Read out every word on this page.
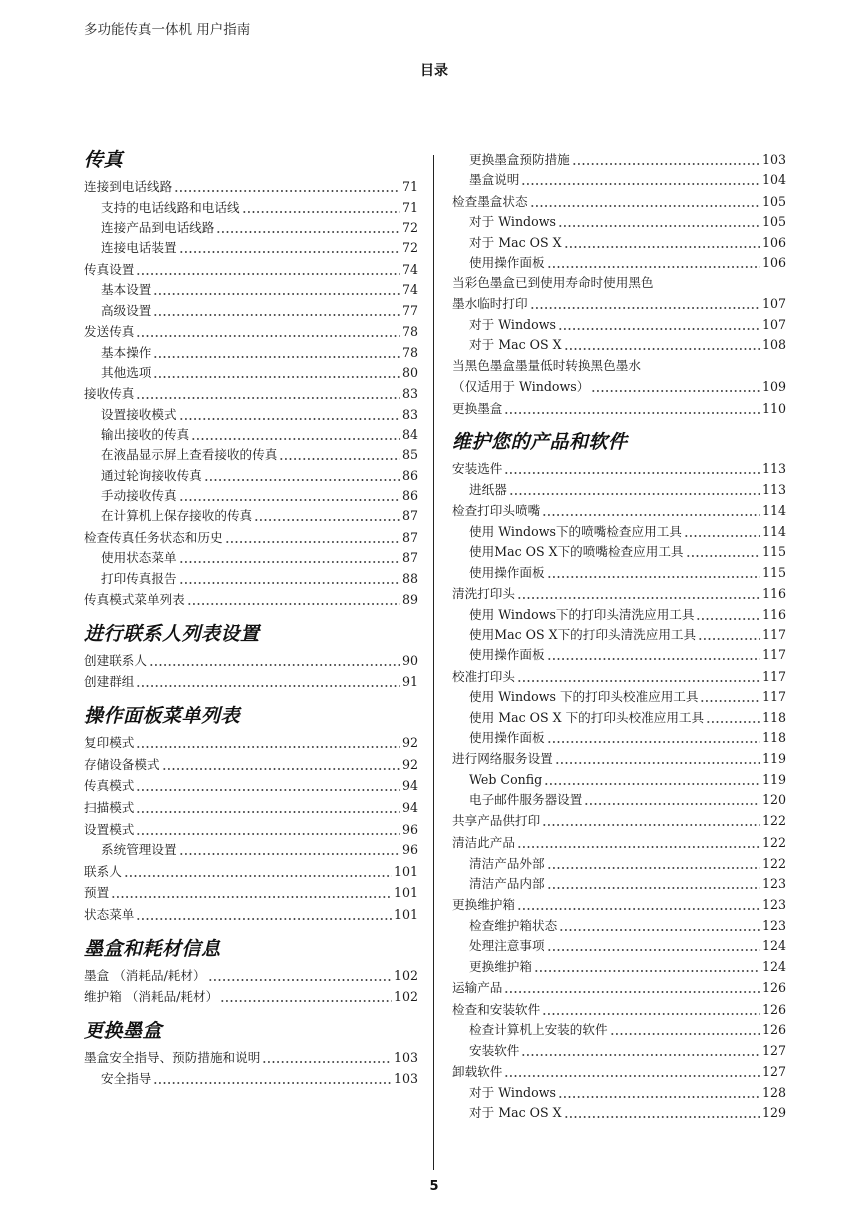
多功能传真一体机 用户指南
目录
传真
连接到电话线路	71
支持的电话线路和电话线	71
连接产品到电话线路	72
连接电话装置	72
传真设置	74
基本设置	74
高级设置	77
发送传真	78
基本操作	78
其他选项	80
接收传真	83
设置接收模式	83
输出接收的传真	84
在液晶显示屏上查看接收的传真	85
通过轮询接收传真	86
手动接收传真	86
在计算机上保存接收的传真	87
检查传真任务状态和历史	87
使用状态菜单	87
打印传真报告	88
传真模式菜单列表	89
进行联系人列表设置
创建联系人	90
创建群组	91
操作面板菜单列表
复印模式	92
存储设备模式	92
传真模式	94
扫描模式	94
设置模式	96
系统管理设置	96
联系人	101
预置	101
状态菜单	101
墨盒和耗材信息
墨盒 （消耗品/耗材）	102
维护箱 （消耗品/耗材）	102
更换墨盒
墨盒安全指导、预防措施和说明	103
安全指导	103
更换墨盒预防措施	103
墨盒说明	104
检查墨盒状态	105
对于 Windows	105
对于 Mac OS X	106
使用操作面板	106
当彩色墨盒已到使用寿命时使用黑色
墨水临时打印	107
对于 Windows	107
对于 Mac OS X	108
当黑色墨盒墨量低时转换黑色墨水
（仅适用于 Windows）	109
更换墨盒	110
维护您的产品和软件
安装选件	113
进纸器	113
检查打印头喷嘴	114
使用 Windows下的喷嘴检查应用工具	114
使用Mac OS X下的喷嘴检查应用工具	115
使用操作面板	115
清洗打印头	116
使用 Windows下的打印头清洗应用工具	116
使用Mac OS X下的打印头清洗应用工具	117
使用操作面板	117
校准打印头	117
使用 Windows 下的打印头校准应用工具	117
使用 Mac OS X 下的打印头校准应用工具	118
使用操作面板	118
进行网络服务设置	119
Web Config	119
电子邮件服务器设置	120
共享产品供打印	122
清洁此产品	122
清洁产品外部	122
清洁产品内部	123
更换维护箱	123
检查维护箱状态	123
处理注意事项	124
更换维护箱	124
运输产品	126
检查和安装软件	126
检查计算机上安装的软件	126
安装软件	127
卸载软件	127
对于 Windows	128
对于 Mac OS X	129
5
